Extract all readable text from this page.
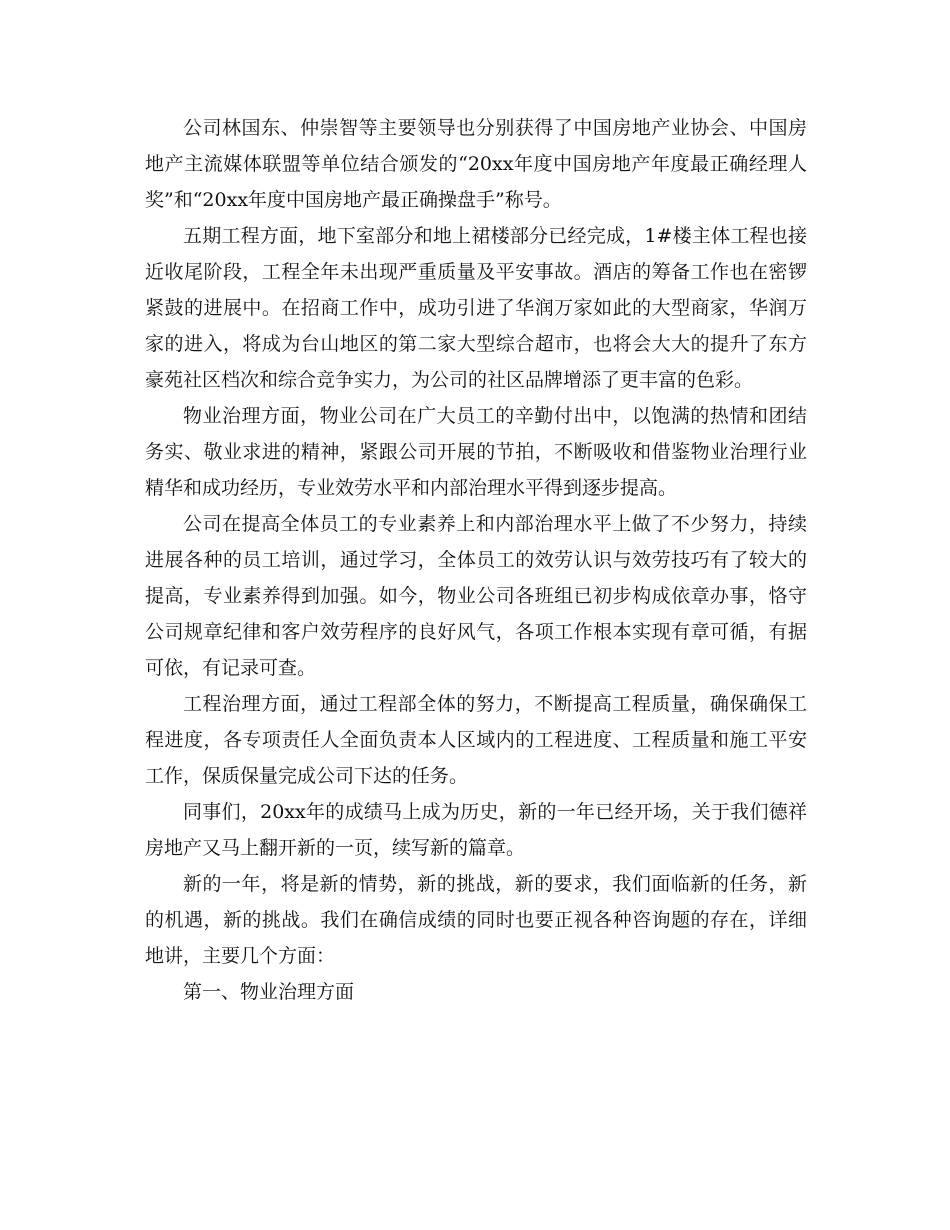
公司林国东、仲崇智等主要领导也分别获得了中国房地产业协会、中国房地产主流媒体联盟等单位结合颁发的“20xx年度中国房地产年度最正确经理人奖”和“20xx年度中国房地产最正确操盘手”称号。

五期工程方面，地下室部分和地上裙楼部分已经完成，1#楼主体工程也接近收尾阶段，工程全年未出现严重质量及平安事故。酒店的筹备工作也在密锣紧鼓的进展中。在招商工作中，成功引进了华润万家如此的大型商家，华润万家的进入，将成为台山地区的第二家大型综合超市，也将会大大的提升了东方豪苑社区档次和综合竞争实力，为公司的社区品牌增添了更丰富的色彩。

物业治理方面，物业公司在广大员工的辛勤付出中，以饱满的热情和团结务实、敬业求进的精神，紧跟公司开展的节拍，不断吸收和借鉴物业治理行业精华和成功经历，专业效劳水平和内部治理水平得到逐步提高。

公司在提高全体员工的专业素养上和内部治理水平上做了不少努力，持续进展各种的员工培训，通过学习，全体员工的效劳认识与效劳技巧有了较大的提高，专业素养得到加强。如今，物业公司各班组已初步构成依章办事，恪守公司规章纪律和客户效劳程序的良好风气，各项工作根本实现有章可循，有据可依，有记录可查。

工程治理方面，通过工程部全体的努力，不断提高工程质量，确保确保工程进度，各专项责任人全面负责本人区域内的工程进度、工程质量和施工平安工作，保质保量完成公司下达的任务。

同事们，20xx年的成绩马上成为历史，新的一年已经开场，关于我们德祥房地产又马上翻开新的一页，续写新的篇章。

新的一年，将是新的情势，新的挑战，新的要求，我们面临新的任务，新的机遇，新的挑战。我们在确信成绩的同时也要正视各种咨询题的存在，详细地讲，主要几个方面：

第一、物业治理方面
